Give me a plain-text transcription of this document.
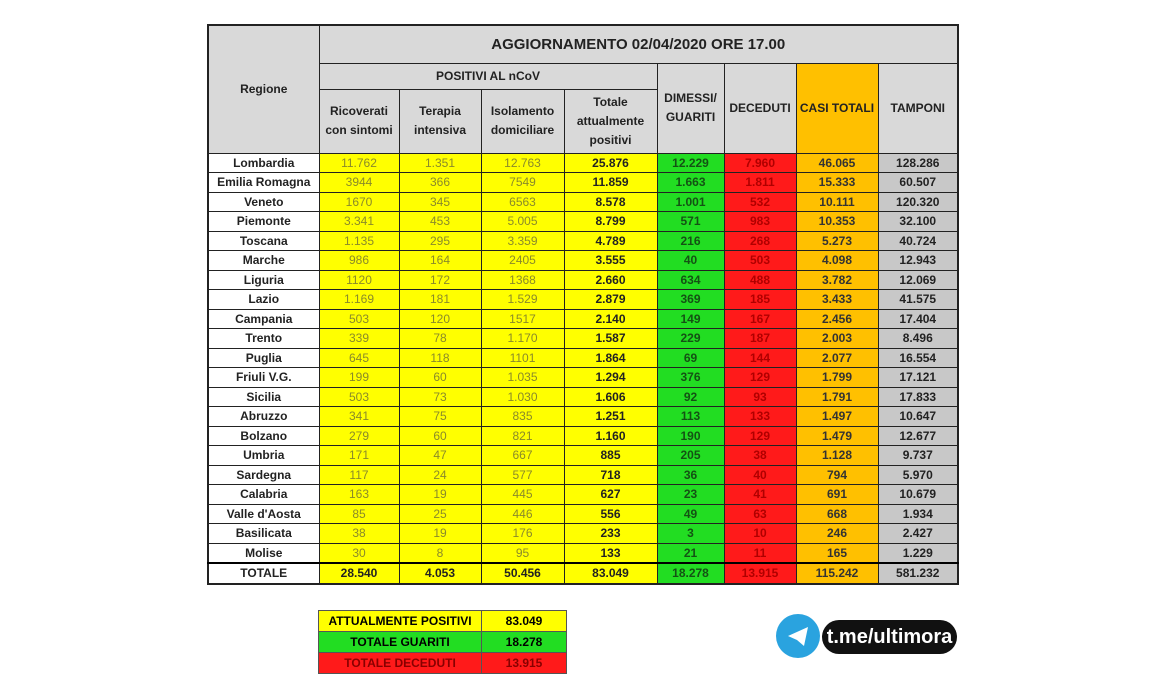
Regione	AGGIORNAMENTO 02/04/2020 ORE 17.00							
	POSITIVI AL nCoV				DIMESSI/ GUARITI	DECEDUTI	CASI TOTALI	TAMPONI
	Ricoverati con sintomi	Terapia intensiva	Isolamento domiciliare	Totale attualmente positivi				
Lombardia	11.762	1.351	12.763	25.876	12.229	7.960	46.065	128.286
Emilia Romagna	3944	366	7549	11.859	1.663	1.811	15.333	60.507
Veneto	1670	345	6563	8.578	1.001	532	10.111	120.320
Piemonte	3.341	453	5.005	8.799	571	983	10.353	32.100
Toscana	1.135	295	3.359	4.789	216	268	5.273	40.724
Marche	986	164	2405	3.555	40	503	4.098	12.943
Liguria	1120	172	1368	2.660	634	488	3.782	12.069
Lazio	1.169	181	1.529	2.879	369	185	3.433	41.575
Campania	503	120	1517	2.140	149	167	2.456	17.404
Trento	339	78	1.170	1.587	229	187	2.003	8.496
Puglia	645	118	1101	1.864	69	144	2.077	16.554
Friuli V.G.	199	60	1.035	1.294	376	129	1.799	17.121
Sicilia	503	73	1.030	1.606	92	93	1.791	17.833
Abruzzo	341	75	835	1.251	113	133	1.497	10.647
Bolzano	279	60	821	1.160	190	129	1.479	12.677
Umbria	171	47	667	885	205	38	1.128	9.737
Sardegna	117	24	577	718	36	40	794	5.970
Calabria	163	19	445	627	23	41	691	10.679
Valle d'Aosta	85	25	446	556	49	63	668	1.934
Basilicata	38	19	176	233	3	10	246	2.427
Molise	30	8	95	133	21	11	165	1.229
TOTALE	28.540	4.053	50.456	83.049	18.278	13.915	115.242	581.232
ATTUALMENTE POSITIVI	83.049
TOTALE GUARITI	18.278
TOTALE DECEDUTI	13.915
t.me/ultimora
